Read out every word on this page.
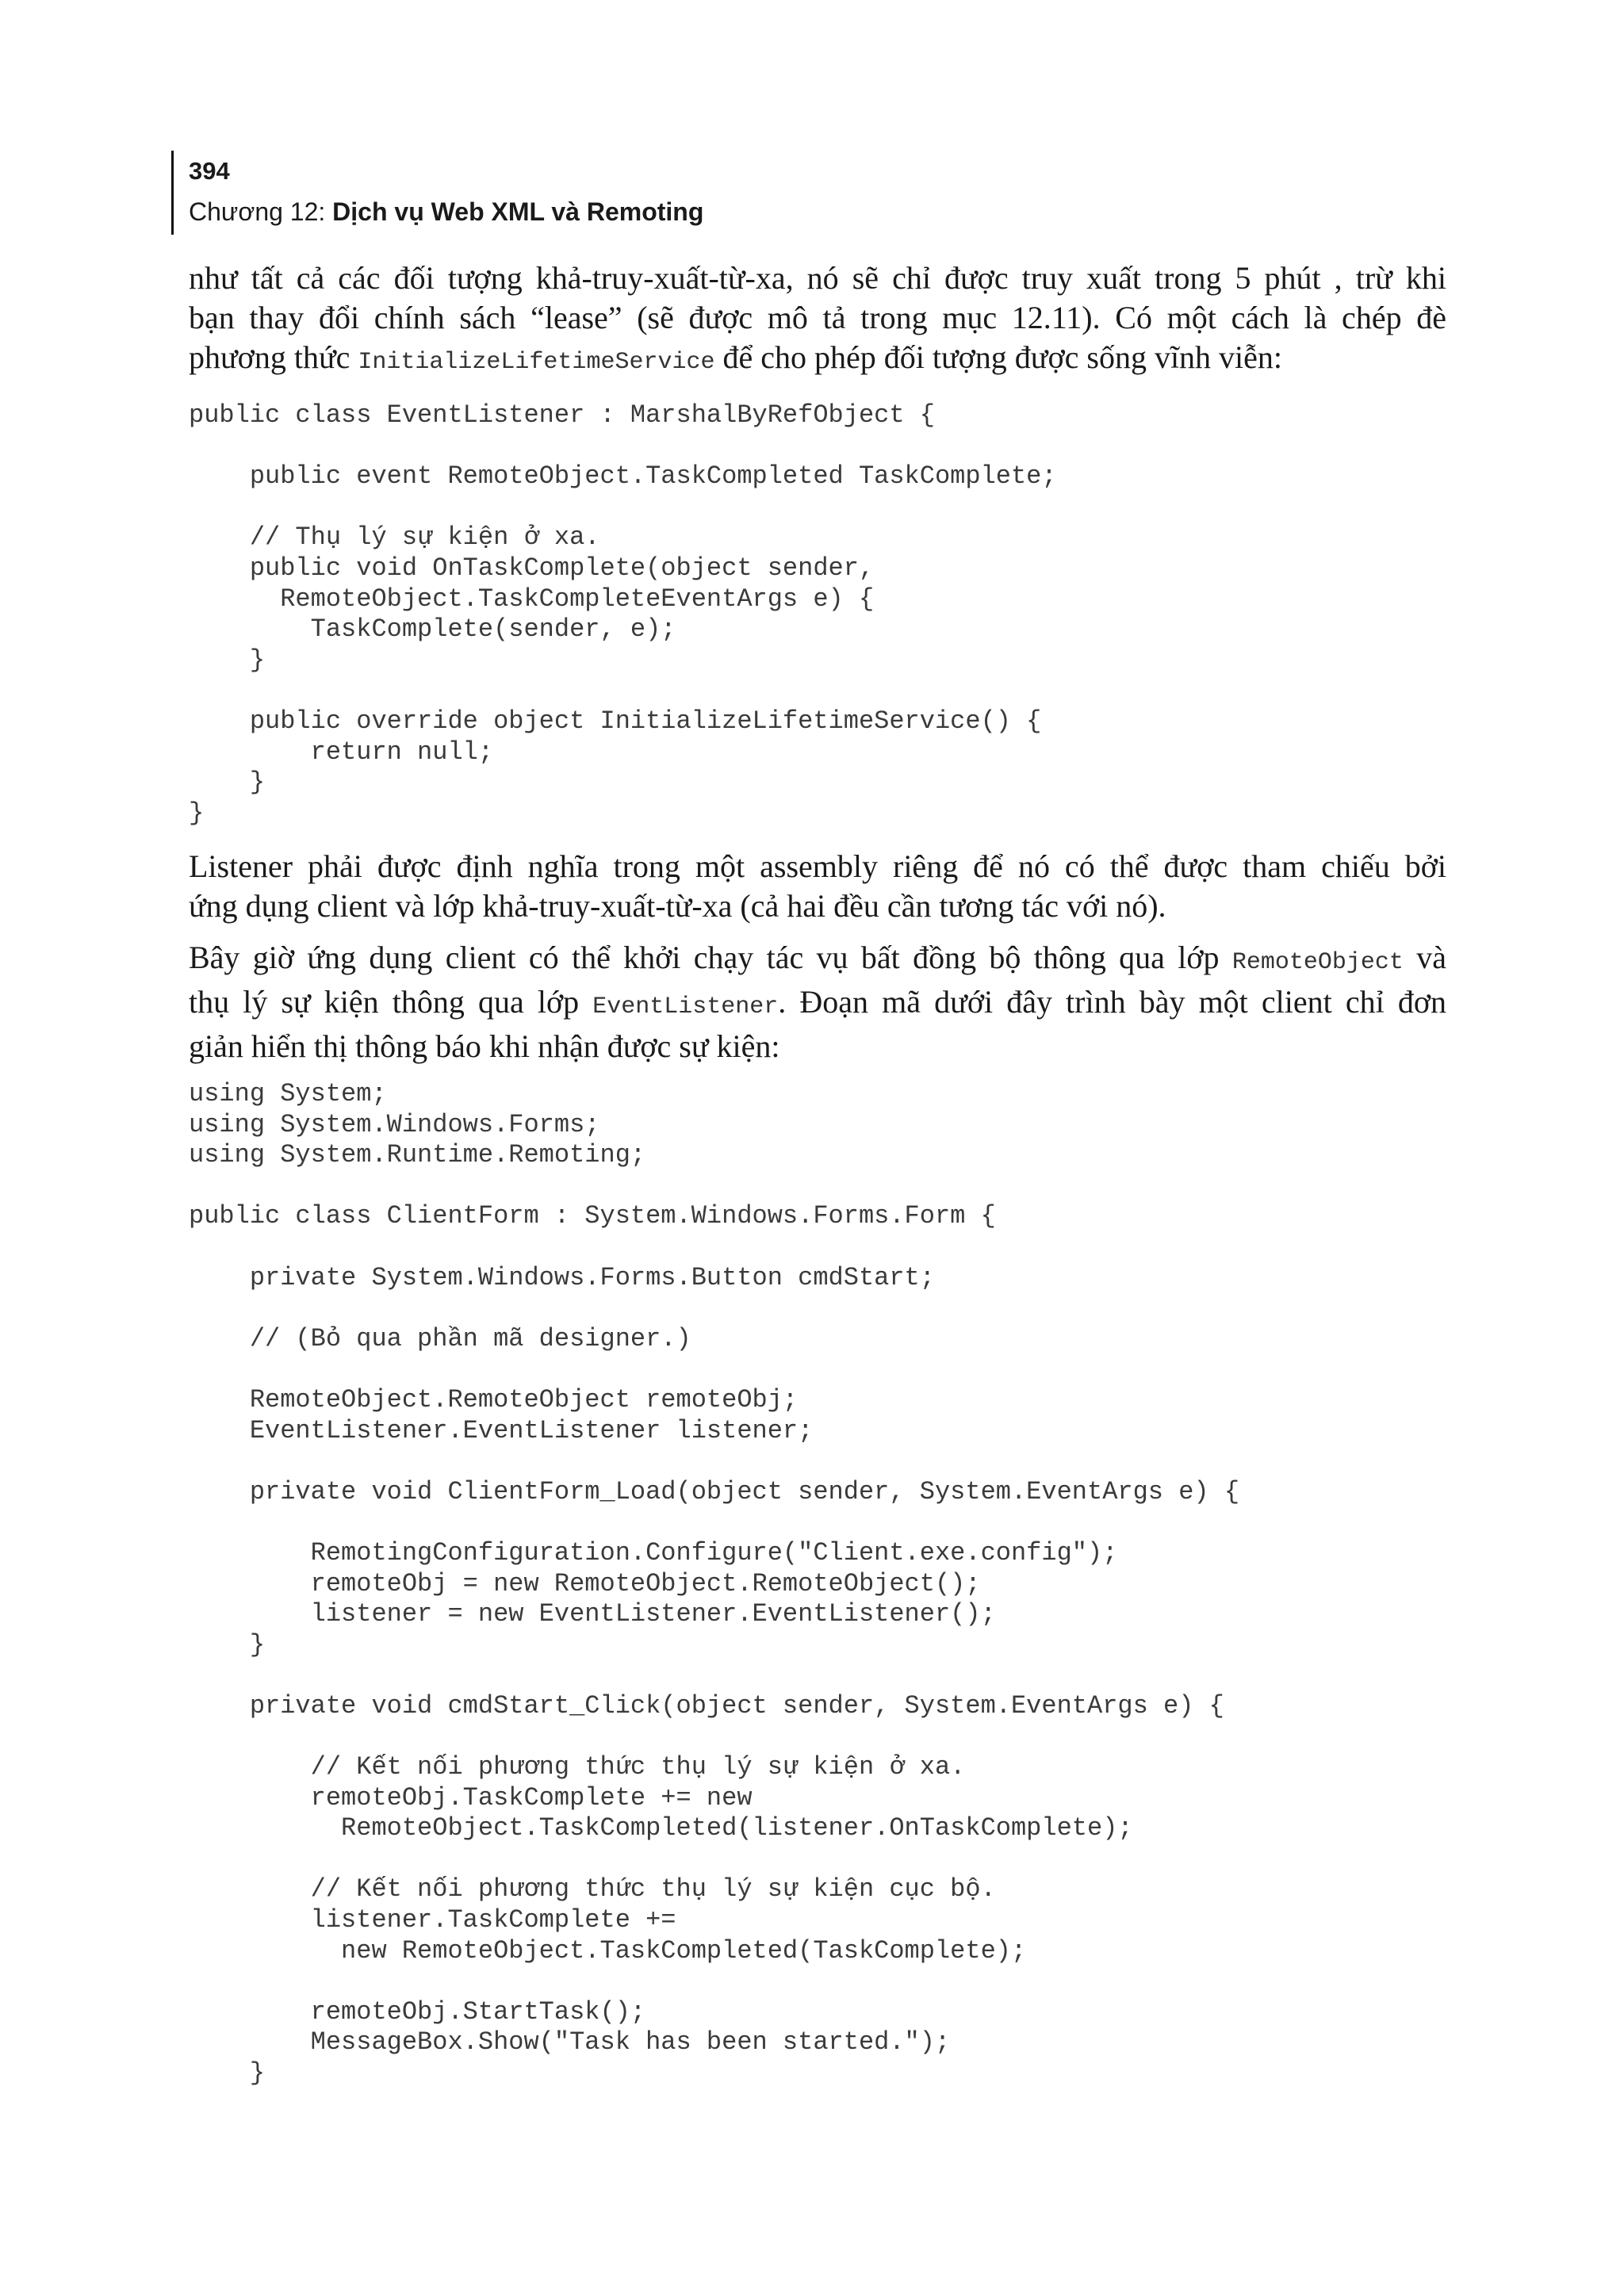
394
Chương 12: Dịch vụ Web XML và Remoting
như tất cả các đối tượng khả-truy-xuất-từ-xa, nó sẽ chỉ được truy xuất trong 5 phút , trừ khi
bạn thay đổi chính sách “lease” (sẽ được mô tả trong mục 12.11). Có một cách là chép đè
phương thức InitializeLifetimeService để cho phép đối tượng được sống vĩnh viễn:
public class EventListener : MarshalByRefObject {
public event RemoteObject.TaskCompleted TaskComplete;
// Thụ lý sự kiện ở xa.
public void OnTaskComplete(object sender,
RemoteObject.TaskCompleteEventArgs e) {
TaskComplete(sender, e);
}
public override object InitializeLifetimeService() {
return null;
}
}
Listener phải được định nghĩa trong một assembly riêng để nó có thể được tham chiếu bởi
ứng dụng client và lớp khả-truy-xuất-từ-xa (cả hai đều cần tương tác với nó).
Bây giờ ứng dụng client có thể khởi chạy tác vụ bất đồng bộ thông qua lớp RemoteObject và
thụ lý sự kiện thông qua lớp EventListener. Đoạn mã dưới đây trình bày một client chỉ đơn
giản hiển thị thông báo khi nhận được sự kiện:
using System;
using System.Windows.Forms;
using System.Runtime.Remoting;
public class ClientForm : System.Windows.Forms.Form {
private System.Windows.Forms.Button cmdStart;
// (Bỏ qua phần mã designer.)
RemoteObject.RemoteObject remoteObj;
EventListener.EventListener listener;
private void ClientForm_Load(object sender, System.EventArgs e) {
RemotingConfiguration.Configure("Client.exe.config");
remoteObj = new RemoteObject.RemoteObject();
listener = new EventListener.EventListener();
}
private void cmdStart_Click(object sender, System.EventArgs e) {
// Kết nối phương thức thụ lý sự kiện ở xa.
remoteObj.TaskComplete += new
RemoteObject.TaskCompleted(listener.OnTaskComplete);
// Kết nối phương thức thụ lý sự kiện cục bộ.
listener.TaskComplete +=
new RemoteObject.TaskCompleted(TaskComplete);
remoteObj.StartTask();
MessageBox.Show("Task has been started.");
}
